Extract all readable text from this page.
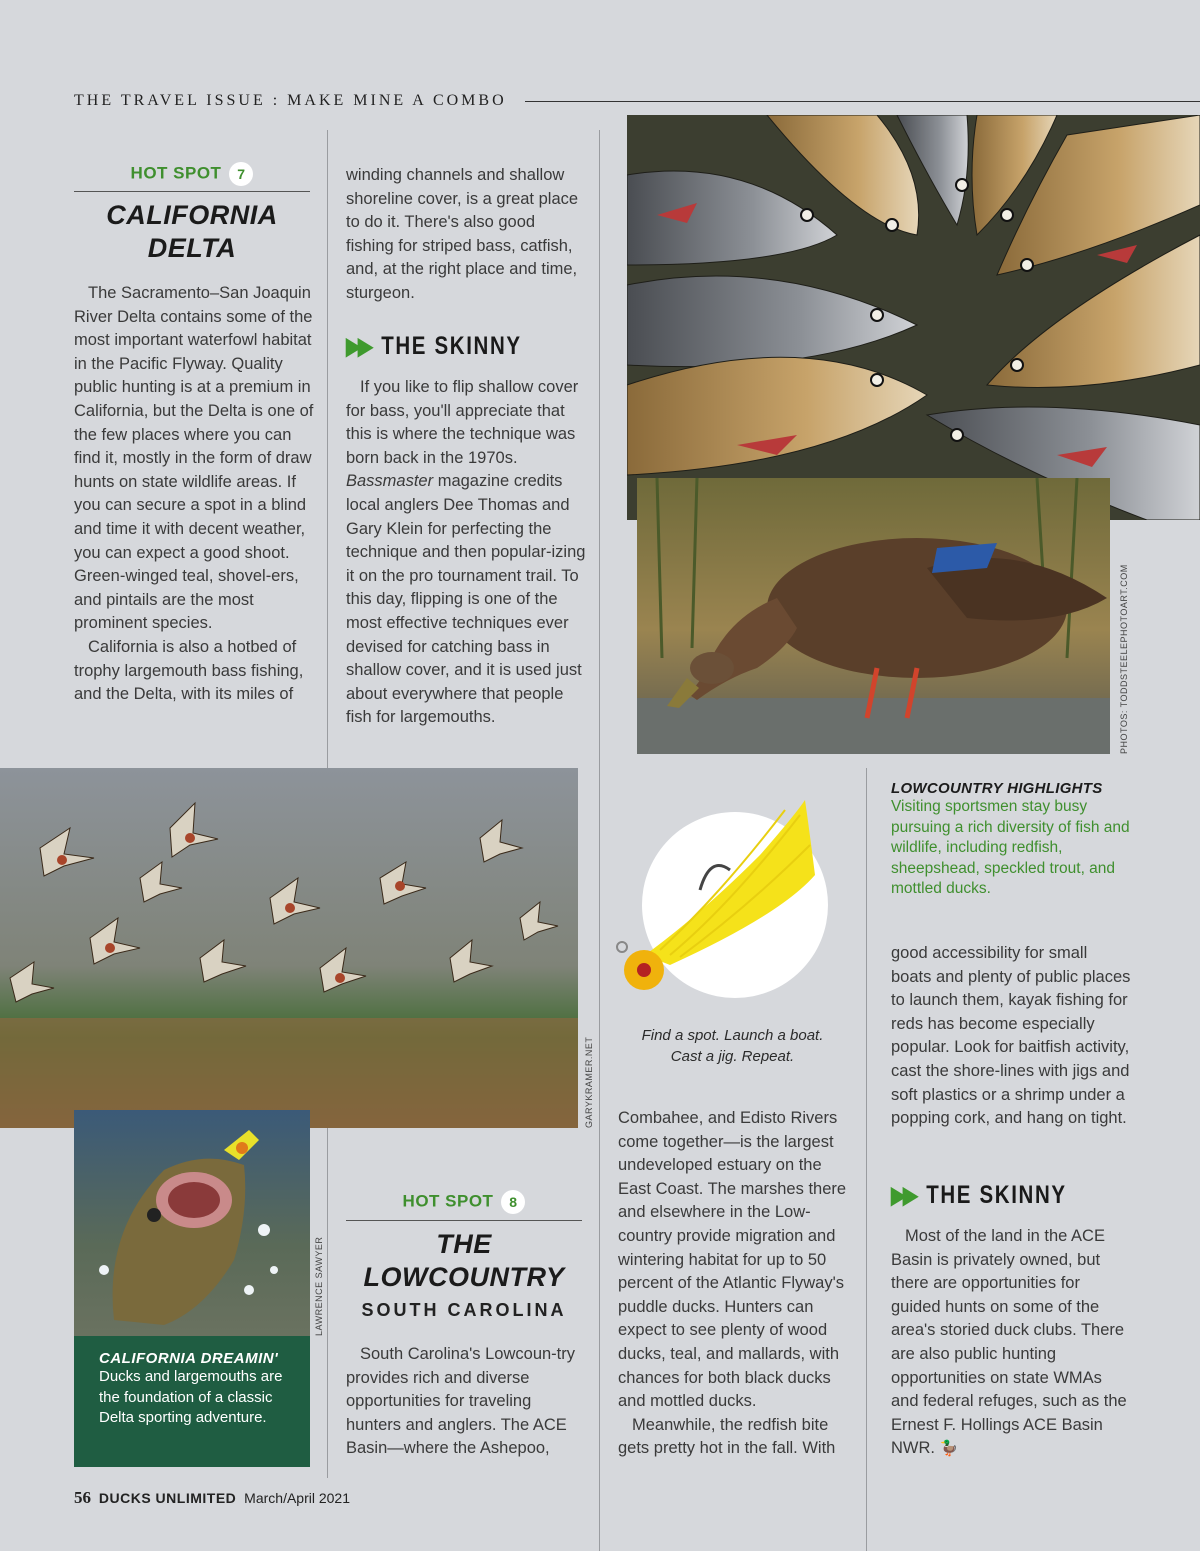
THE TRAVEL ISSUE : MAKE MINE A COMBO
HOT SPOT 7
CALIFORNIA
DELTA

The Sacramento–San Joaquin River Delta contains some of the most important waterfowl habitat in the Pacific Flyway. Quality public hunting is at a premium in California, but the Delta is one of the few places where you can find it, mostly in the form of draw hunts on state wildlife areas. If you can secure a spot in a blind and time it with decent weather, you can expect a good shoot. Green-winged teal, shovel-ers, and pintails are the most prominent species.

California is also a hotbed of trophy largemouth bass fishing, and the Delta, with its miles of

winding channels and shallow shoreline cover, is a great place to do it. There's also good fishing for striped bass, catfish, and, at the right place and time, sturgeon.

▶▶ THE SKINNY

If you like to flip shallow cover for bass, you'll appreciate that this is where the technique was born back in the 1970s. Bassmaster magazine credits local anglers Dee Thomas and Gary Klein for perfecting the technique and then popular-izing it on the pro tournament trail. To this day, flipping is one of the most effective techniques ever devised for catching bass in shallow cover, and it is used just about everywhere that people fish for largemouths.	PHOTOS: TODDSTEELEPHOTOART.COM
GARYKRAMER.NET
Find a spot. Launch a boat.
Cast a jig. Repeat.
LOWCOUNTRY HIGHLIGHTS
Visiting sportsmen stay busy pursuing a rich diversity of fish and wildlife, including redfish, sheepshead, speckled trout, and mottled ducks.
LAWRENCE SAWYER
CALIFORNIA DREAMIN'
Ducks and largemouths are the foundation of a classic Delta sporting adventure.
HOT SPOT 8
THE
LOWCOUNTRY
SOUTH CAROLINA

South Carolina's Lowcoun-try provides rich and diverse opportunities for traveling hunters and anglers. The ACE Basin—where the Ashepoo,

Combahee, and Edisto Rivers come together—is the largest undeveloped estuary on the East Coast. The marshes there and elsewhere in the Low-country provide migration and wintering habitat for up to 50 percent of the Atlantic Flyway's puddle ducks. Hunters can expect to see plenty of wood ducks, teal, and mallards, with chances for both black ducks and mottled ducks.

Meanwhile, the redfish bite gets pretty hot in the fall. With

good accessibility for small boats and plenty of public places to launch them, kayak fishing for reds has become especially popular. Look for baitfish activity, cast the shore-lines with jigs and soft plastics or a shrimp under a popping cork, and hang on tight.

▶▶ THE SKINNY

Most of the land in the ACE Basin is privately owned, but there are opportunities for guided hunts on some of the area's storied duck clubs. There are also public hunting opportunities on state WMAs and federal refuges, such as the Ernest F. Hollings ACE Basin NWR. 🦆

56 DUCKS UNLIMITED March/April 2021
